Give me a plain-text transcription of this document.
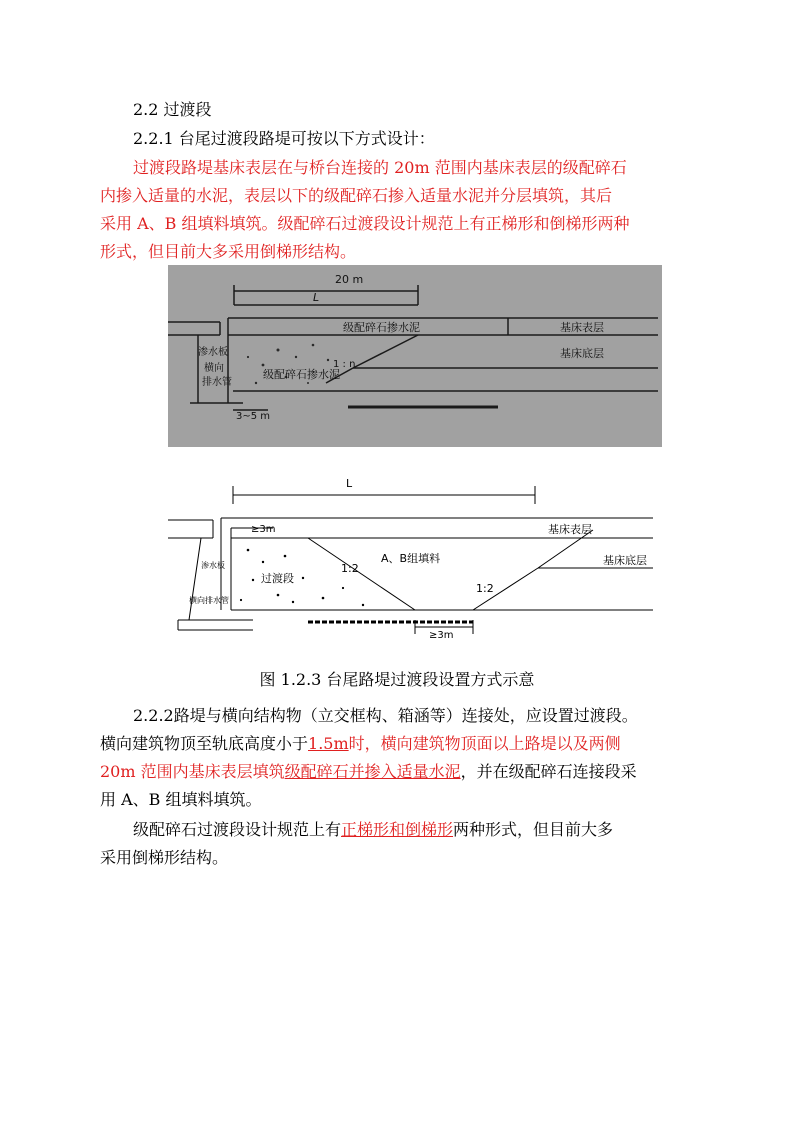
2.2 过渡段
2.2.1 台尾过渡段路堤可按以下方式设计：
过渡段路堤基床表层在与桥台连接的 20m 范围内基床表层的级配碎石
内掺入适量的水泥，表层以下的级配碎石掺入适量水泥并分层填筑，其后
采用 A、B 组填料填筑。级配碎石过渡段设计规范上有正梯形和倒梯形两种
形式，但目前大多采用倒梯形结构。
20 m
L
级配碎石掺水泥	基床表层
基床底层
渗水板
横向
排水管
级配碎石掺水泥
1 : n
3~5 m
L
≥3m	基床表层
基床底层
A、B组填料
过渡段
1:2
1:2
渗水板
横向排水管
≥3m
图 1.2.3 台尾路堤过渡段设置方式示意
2.2.2路堤与横向结构物（立交框构、箱涵等）连接处，应设置过渡段。
横向建筑物顶至轨底高度小于1.5m时，横向建筑物顶面以上路堤以及两侧
20m 范围内基床表层填筑级配碎石并掺入适量水泥，并在级配碎石连接段采
用 A、B 组填料填筑。
级配碎石过渡段设计规范上有正梯形和倒梯形两种形式，但目前大多
采用倒梯形结构。
